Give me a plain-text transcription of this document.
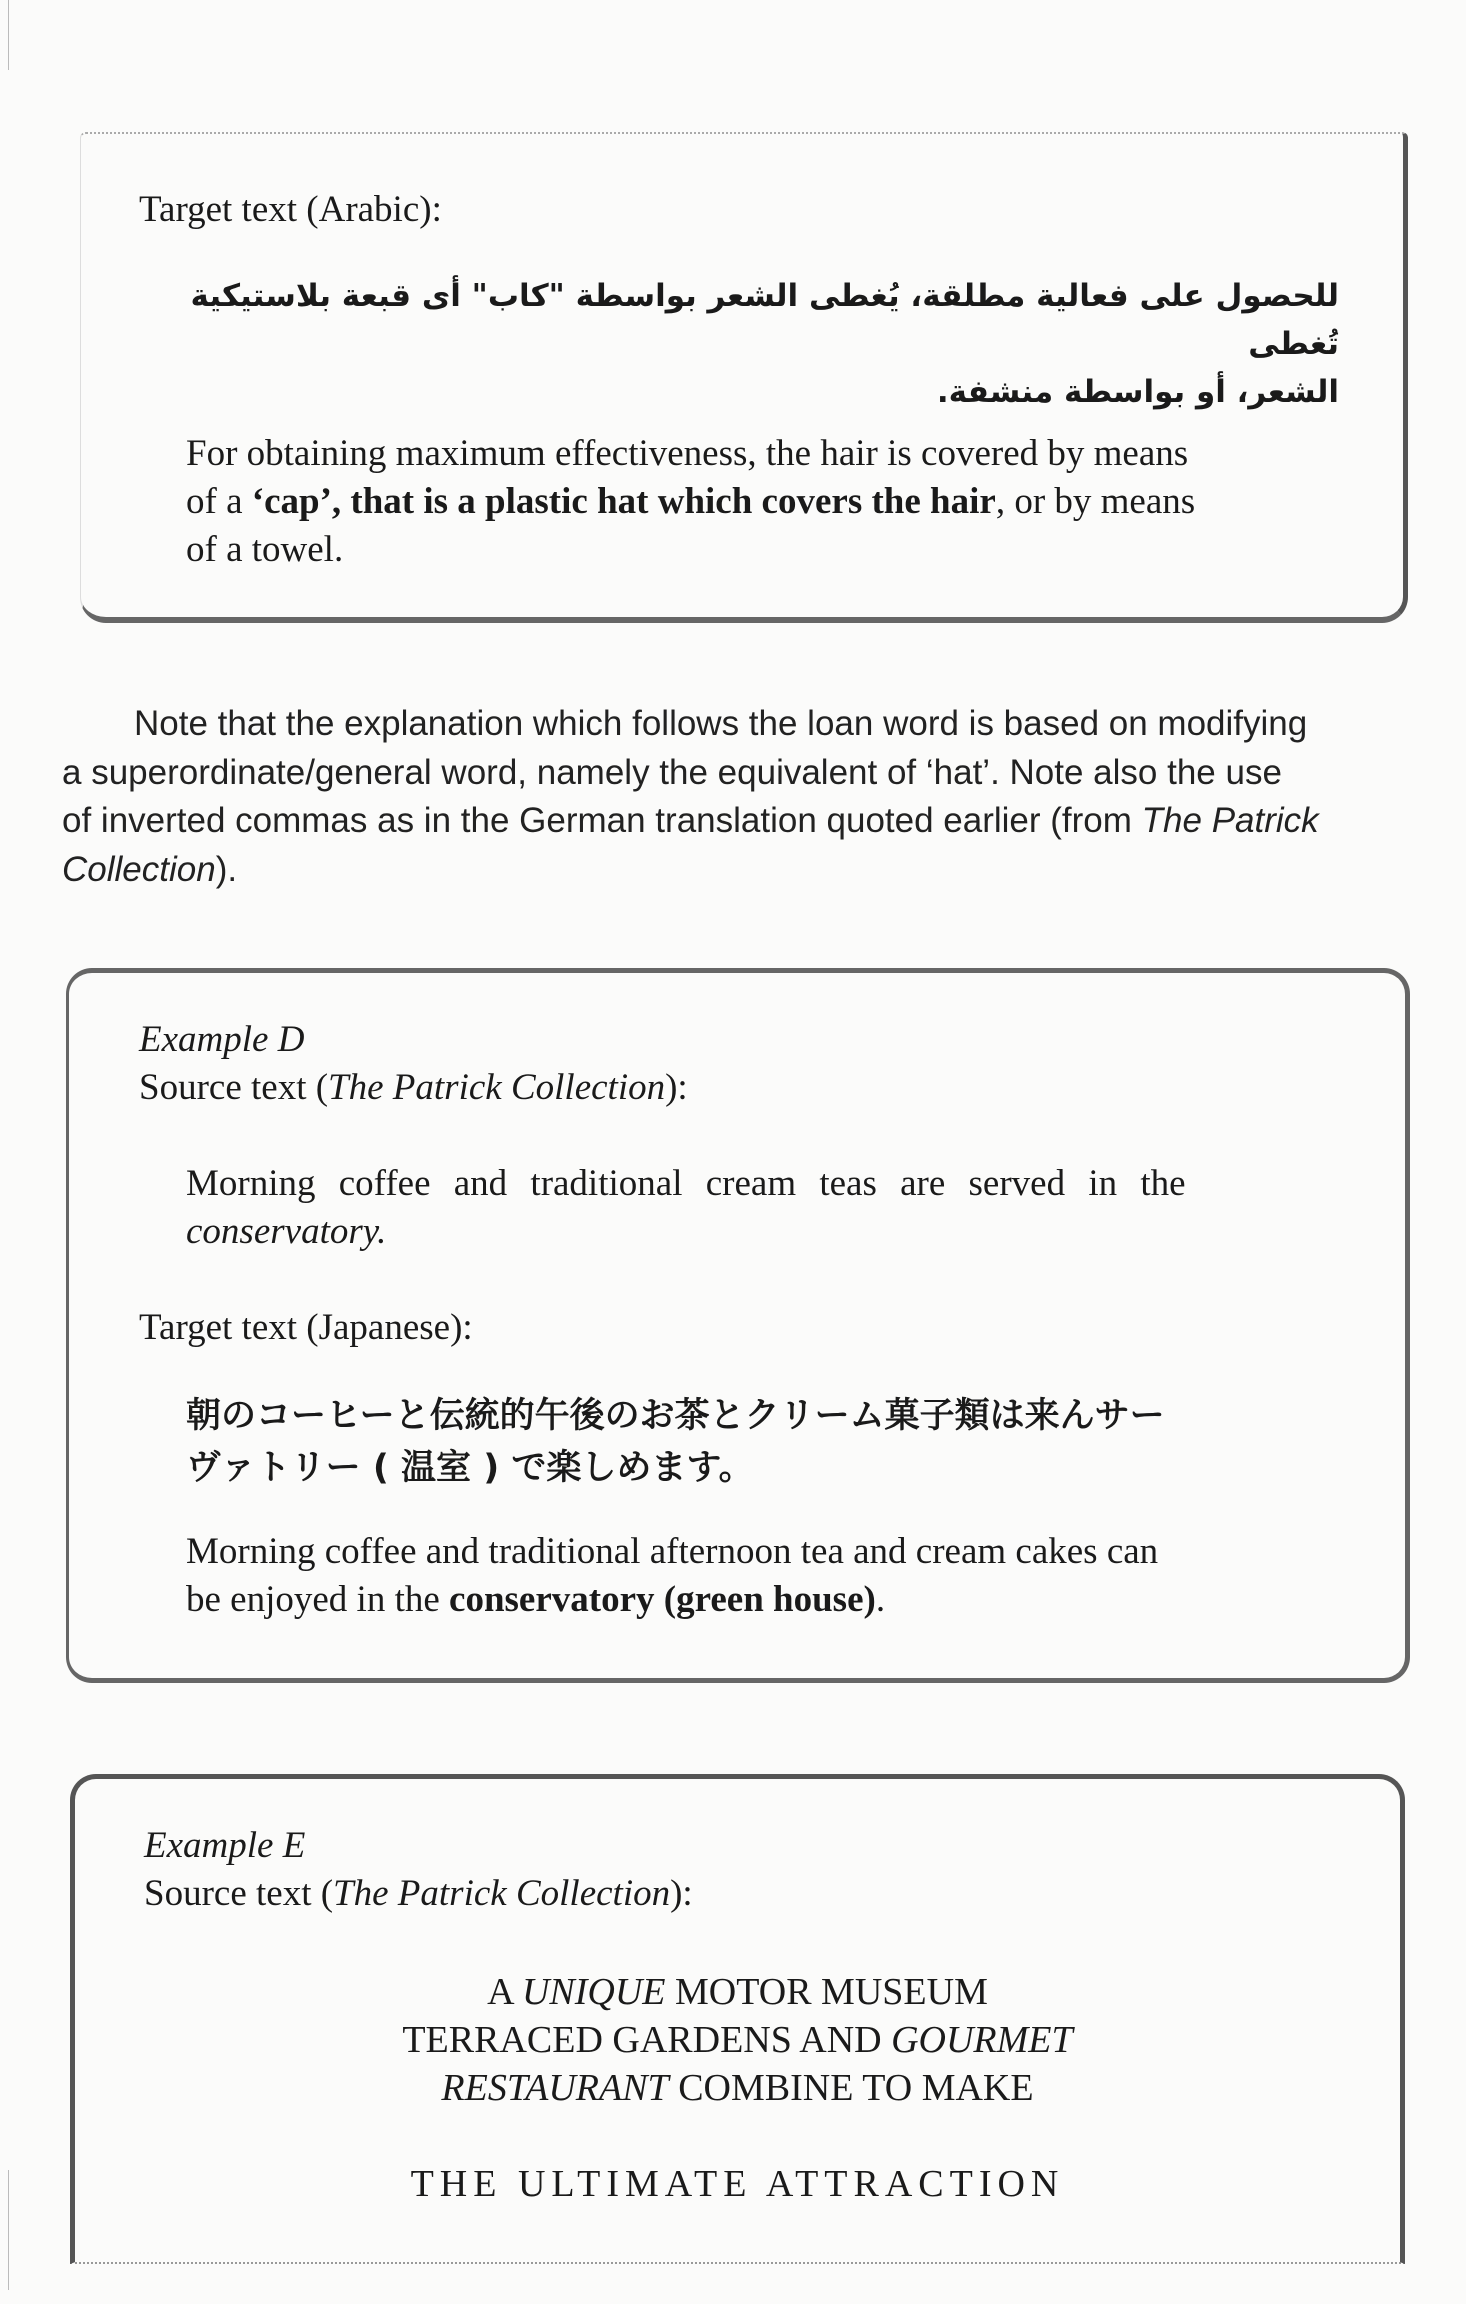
Target text (Arabic):
للحصول على فعالية مطلقة، يُغطى الشعر بواسطة "كاب" أى قبعة بلاستيكية تُغطى
الشعر، أو بواسطة منشفة.
For obtaining maximum effectiveness, the hair is covered by means
of a ‘cap’, that is a plastic hat which covers the hair, or by means
of a towel.
Note that the explanation which follows the loan word is based on modifying
a superordinate/general word, namely the equivalent of ‘hat’. Note also the use
of inverted commas as in the German translation quoted earlier (from The Patrick
Collection).
Example D
Source text (The Patrick Collection):
Morning coffee and traditional cream teas are served in the
conservatory.
Target text (Japanese):
朝のコーヒーと伝統的午後のお茶とクリーム菓子類は来んサー
ヴァトリー ( 温室 ) で楽しめます。
Morning coffee and traditional afternoon tea and cream cakes can
be enjoyed in the conservatory (green house).
Example E
Source text (The Patrick Collection):
A UNIQUE MOTOR MUSEUM
TERRACED GARDENS AND GOURMET
RESTAURANT COMBINE TO MAKE
THE ULTIMATE ATTRACTION
